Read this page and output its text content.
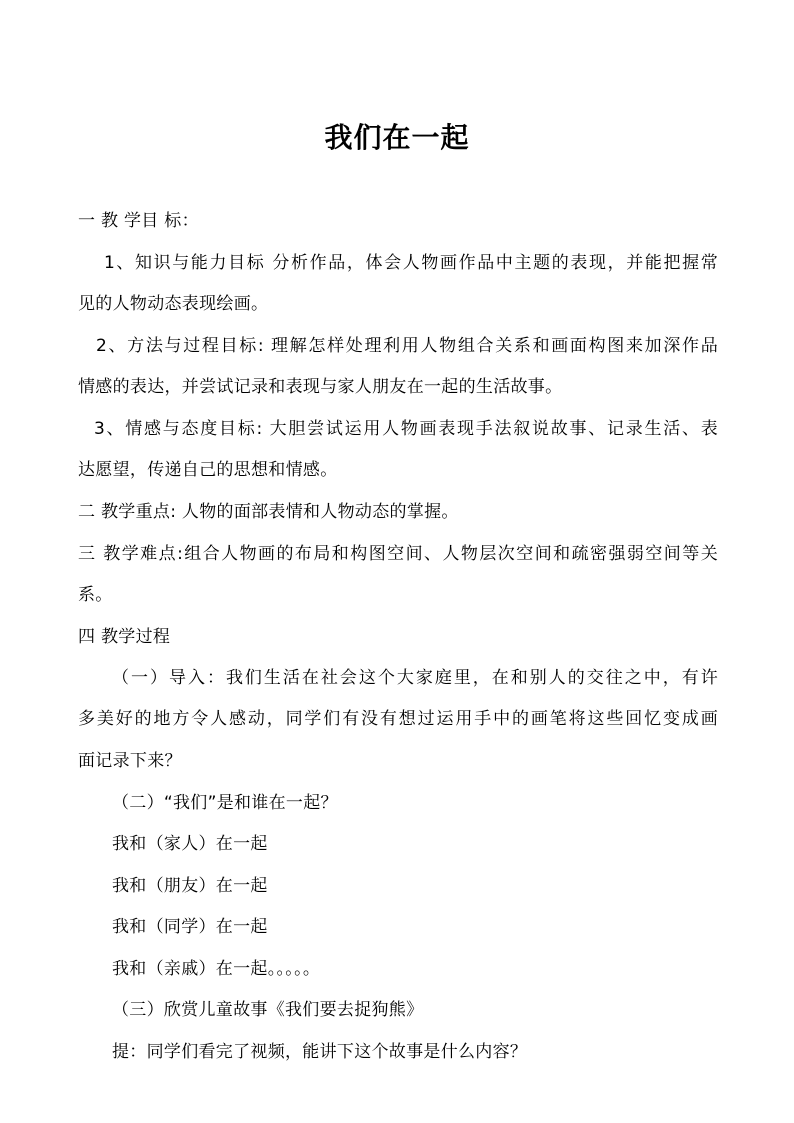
我们在一起
一 教 学目 标：
1、知识与能力目标 分析作品，体会人物画作品中主题的表现，并能把握常
见的人物动态表现绘画。
2、方法与过程目标: 理解怎样处理利用人物组合关系和画面构图来加深作品
情感的表达，并尝试记录和表现与家人朋友在一起的生活故事。
3、情感与态度目标: 大胆尝试运用人物画表现手法叙说故事、记录生活、表
达愿望，传递自己的思想和情感。
二 教学重点: 人物的面部表情和人物动态的掌握。
三 教学难点:组合人物画的布局和构图空间、人物层次空间和疏密强弱空间等关
系。
四 教学过程
（一）导入：我们生活在社会这个大家庭里，在和别人的交往之中，有许
多美好的地方令人感动，同学们有没有想过运用手中的画笔将这些回忆变成画
面记录下来？
（二）“我们”是和谁在一起？
我和（家人）在一起
我和（朋友）在一起
我和（同学）在一起
我和（亲戚）在一起。。。。。
（三）欣赏儿童故事《我们要去捉狗熊》
提：同学们看完了视频，能讲下这个故事是什么内容？
